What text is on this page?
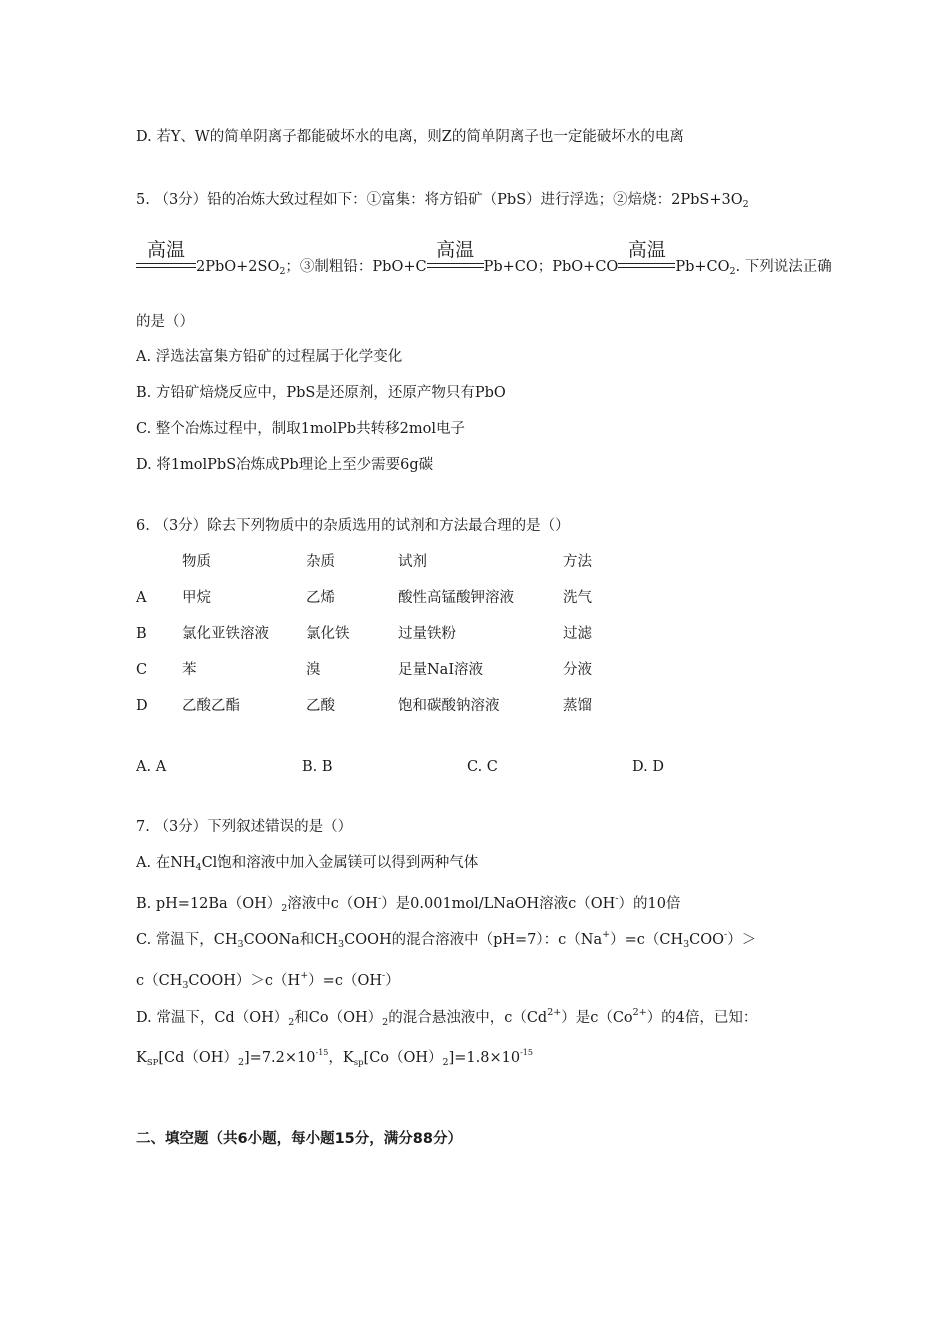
D. 若Y、W的简单阴离子都能破坏水的电离，则Z的简单阴离子也一定能破坏水的电离
5. （3分）铅的冶炼大致过程如下：①富集：将方铅矿（PbS）进行浮选；②焙烧：$2PbS+3O_2$
高温
$2PbO+2SO_2$；③制粗铅：PbO+C
高温
Pb+CO；PbO+CO
高温
$Pb+CO_2$. 下列说法正确
的是（）
A. 浮选法富集方铅矿的过程属于化学变化
B. 方铅矿焙烧反应中，PbS是还原剂，还原产物只有PbO
C. 整个冶炼过程中，制取1molPb共转移2mol电子
D. 将1molPbS冶炼成Pb理论上至少需要6g碳
6. （3分）除去下列物质中的杂质选用的试剂和方法最合理的是（）
物质	杂质	试剂	方法
A 甲烷	乙烯	酸性高锰酸钾溶液	洗气
B 氯化亚铁溶液	氯化铁	过量铁粉	过滤
C 苯	溴	足量NaI溶液	分液
D 乙酸乙酯	乙酸	饱和碳酸钠溶液	蒸馏
A. A	B. B	C. C	D. D
7. （3分）下列叙述错误的是（）
A. 在$NH_4Cl$饱和溶液中加入金属镁可以得到两种气体
B. $pH=12Ba(OH)_2$溶液中c（OH-）是0.001mol/LNaOH溶液c（OH-）的10倍
C. 常温下，$CH_3COONa$和$CH_3COOH$的混合溶液中（pH=7）：$c(Na^+)=c(CH_3COO^-)>$
$c(CH_3COOH)>c(H^+)=c(OH^-)$
D. 常温下，$Cd(OH)_2$和$Co(OH)_2$的混合悬浊液中，$c(Cd^{2+})$是$c(Co^{2+})$的4倍，已知：
$K_{SP}[Cd(OH)_2]=7.2\times 10^{-15}$，$K_{sp}[Co(OH)_2]=1.8\times 10^{-15}$
二、填空题（共6小题，每小题15分，满分88分）
